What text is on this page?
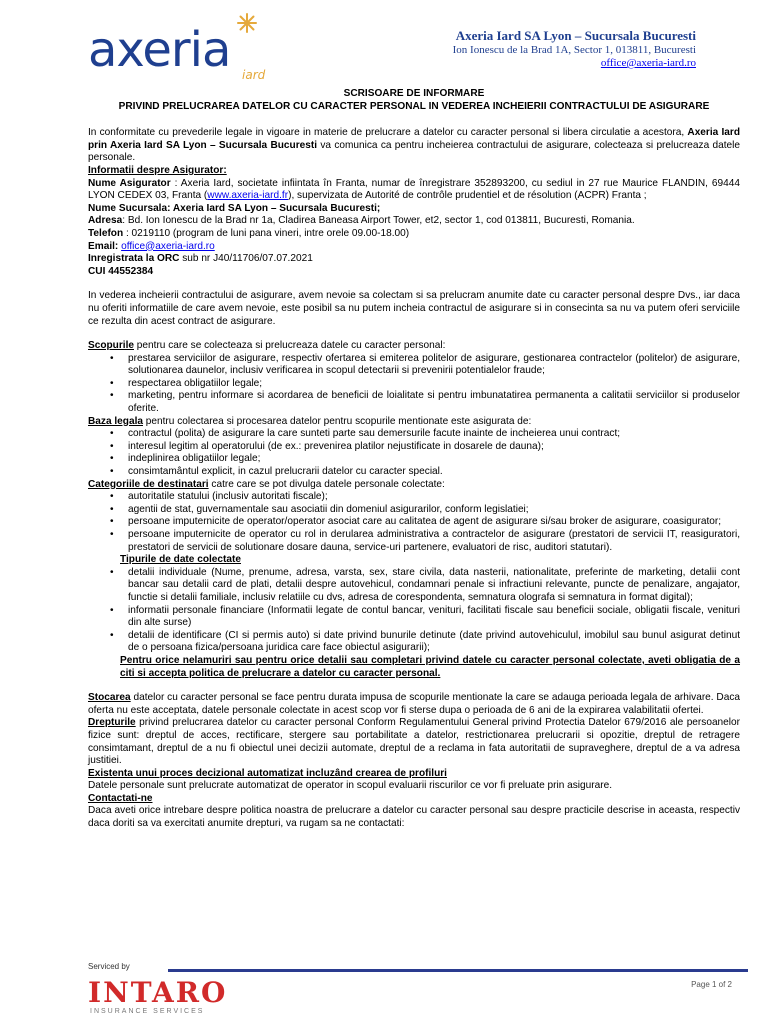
axeria iard
Axeria Iard SA Lyon – Sucursala Bucuresti
Ion Ionescu de la Brad 1A, Sector 1, 013811, Bucuresti
office@axeria-iard.ro

SCRISOARE DE INFORMARE

PRIVIND PRELUCRAREA DATELOR CU CARACTER PERSONAL IN VEDEREA INCHEIERII CONTRACTULUI DE ASIGURARE

In conformitate cu prevederile legale in vigoare in materie de prelucrare a datelor cu caracter personal si libera circulatie a acestora, Axeria Iard prin Axeria Iard SA Lyon – Sucursala Bucuresti va comunica ca pentru incheierea contractului de asigurare, colecteaza si prelucreaza datele personale.

Informatii despre Asigurator:

Nume Asigurator : Axeria Iard, societate infiintata în Franta, numar de înregistrare 352893200, cu sediul in 27 rue Maurice FLANDIN, 69444 LYON CEDEX 03, Franta (www.axeria-iard.fr), supervizata de Autorité de contrôle prudentiel et de résolution (ACPR) Franta ;

Nume Sucursala: Axeria Iard SA Lyon – Sucursala Bucuresti;

Adresa: Bd. Ion Ionescu de la Brad nr 1a, Cladirea Baneasa Airport Tower, et2, sector 1, cod 013811, Bucuresti, Romania.

Telefon : 0219110 (program de luni pana vineri, intre orele 09.00-18.00)

Email: office@axeria-iard.ro

Inregistrata la ORC sub nr J40/11706/07.07.2021

CUI 44552384

In vederea incheierii contractului de asigurare, avem nevoie sa colectam si sa prelucram anumite date cu caracter personal despre Dvs., iar daca nu oferiti informatiile de care avem nevoie, este posibil sa nu putem incheia contractul de asigurare si in consecinta sa nu va putem oferi serviciile ce rezulta din acest contract de asigurare.

Scopurile pentru care se colecteaza si prelucreaza datele cu caracter personal:

• prestarea serviciilor de asigurare, respectiv ofertarea si emiterea politelor de asigurare, gestionarea contractelor (politelor) de asigurare, solutionarea daunelor, inclusiv verificarea in scopul detectarii si prevenirii potentialelor fraude;
• respectarea obligatiilor legale;
• marketing, pentru informare si acordarea de beneficii de loialitate si pentru imbunatatirea permanenta a calitatii serviciilor si produselor oferite.

Baza legala pentru colectarea si procesarea datelor pentru scopurile mentionate este asigurata de:

• contractul (polita) de asigurare la care sunteti parte sau demersurile facute inainte de incheierea unui contract;
• interesul legitim al operatorului (de ex.: prevenirea platilor nejustificate in dosarele de dauna);
• indeplinirea obligatiilor legale;
• consimtamântul explicit, in cazul prelucrarii datelor cu caracter special.

Categoriile de destinatari catre care se pot divulga datele personale colectate:

• autoritatile statului (inclusiv autoritati fiscale);
• agentii de stat, guvernamentale sau asociatii din domeniul asigurarilor, conform legislatiei;
• persoane imputernicite de operator/operator asociat care au calitatea de agent de asigurare si/sau broker de asigurare, coasigurator;
• persoane imputernicite de operator cu rol in derularea administrativa a contractelor de asigurare (prestatori de servicii IT, reasiguratori, prestatori de servicii de solutionare dosare dauna, service-uri partenere, evaluatori de risc, auditori statutari).

Tipurile de date colectate

• detalii individuale (Nume, prenume, adresa, varsta, sex, stare civila, data nasterii, nationalitate, preferinte de marketing, detalii cont bancar sau detalii card de plati, detalii despre autovehicul, condamnari penale si infractiuni relevante, puncte de penalizare, angajator, functie si detalii familiale, inclusiv relatiile cu dvs, adresa de corespondenta, semnatura olografa si semnatura in format digital);
• informatii personale financiare (Informatii legate de contul bancar, venituri, facilitati fiscale sau beneficii sociale, obligatii fiscale, venituri din alte surse)
• detalii de identificare (CI si permis auto) si date privind bunurile detinute (date privind autovehiculul, imobilul sau bunul asigurat detinut de o persoana fizica/persoana juridica care face obiectul asigurarii);

Pentru orice nelamuriri sau pentru orice detalii sau completari privind datele cu caracter personal colectate, aveti obligatia de a citi si accepta politica de prelucrare a datelor cu caracter personal.

Stocarea datelor cu caracter personal se face pentru durata impusa de scopurile mentionate la care se adauga perioada legala de arhivare. Daca oferta nu este acceptata, datele personale colectate in acest scop vor fi sterse dupa o perioada de 6 ani de la expirarea valabilitatii ofertei.

Drepturile privind prelucrarea datelor cu caracter personal Conform Regulamentului General privind Protectia Datelor 679/2016 ale persoanelor fizice sunt: dreptul de acces, rectificare, stergere sau portabilitate a datelor, restrictionarea prelucrarii si opozitie, dreptul de retragere consimtamant, dreptul de a nu fi obiectul unei decizii automate, dreptul de a reclama in fata autoritatii de supraveghere, dreptul de a va adresa justitiei.

Existenta unui proces decizional automatizat incluzând crearea de profiluri

Datele personale sunt prelucrate automatizat de operator in scopul evaluarii riscurilor ce vor fi preluate prin asigurare.

Contactati-ne

Daca aveti orice intrebare despre politica noastra de prelucrare a datelor cu caracter personal sau despre practicile descrise in aceasta, respectiv daca doriti sa va exercitati anumite drepturi, va rugam sa ne contactati:

Serviced by
INTARO
INSURANCE SERVICES
Page 1 of 2
